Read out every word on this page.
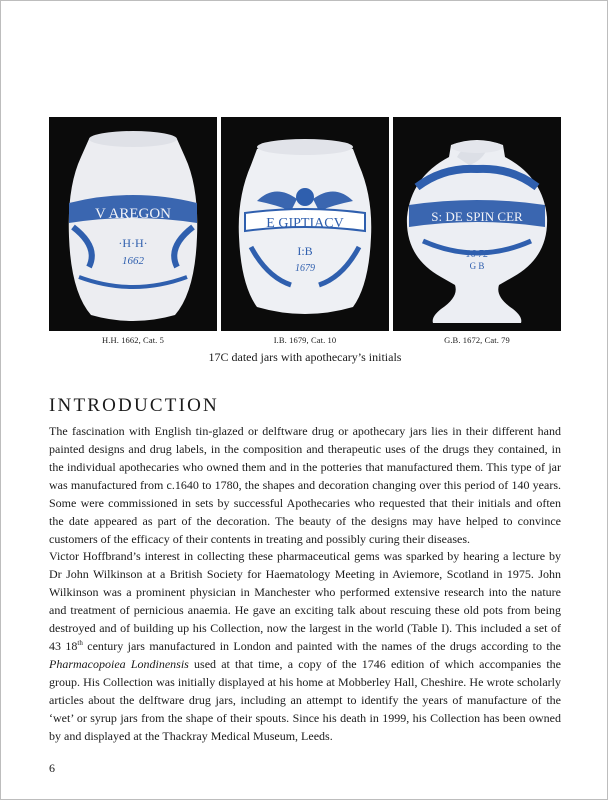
V AREGON
·H·H·
1662
E GIPTIACV
I:B
1679
S: DE SPIN CER
16 72
G B
H.H. 1662, Cat. 5	I.B. 1679, Cat. 10	G.B. 1672, Cat. 79
17C dated jars with apothecary’s initials
INTRODUCTION

The fascination with English tin-glazed or delftware drug or apothecary jars lies in their different hand painted designs and drug labels, in the composition and therapeutic uses of the drugs they contained, in the individual apothecaries who owned them and in the potteries that manufactured them. This type of jar was manufactured from c.1640 to 1780, the shapes and decoration changing over this period of 140 years. Some were commissioned in sets by successful Apothecaries who requested that their initials and often the date appeared as part of the decoration. The beauty of the designs may have helped to convince customers of the efficacy of their contents in treating and possibly curing their diseases.

Victor Hoffbrand’s interest in collecting these pharmaceutical gems was sparked by hearing a lecture by Dr John Wilkinson at a British Society for Haematology Meeting in Aviemore, Scotland in 1975. John Wilkinson was a prominent physician in Manchester who performed extensive research into the nature and treatment of pernicious anaemia. He gave an exciting talk about rescuing these old pots from being destroyed and of building up his Collection, now the largest in the world (Table I). This included a set of 43 18th century jars manufactured in London and painted with the names of the drugs according to the Pharmacopoiea Londinensis used at that time, a copy of the 1746 edition of which accompanies the group. His Collection was initially displayed at his home at Mobberley Hall, Cheshire. He wrote scholarly articles about the delftware drug jars, including an attempt to identify the years of manufacture of the ‘wet’ or syrup jars from the shape of their spouts. Since his death in 1999, his Collection has been owned by and displayed at the Thackray Medical Museum, Leeds.

6
